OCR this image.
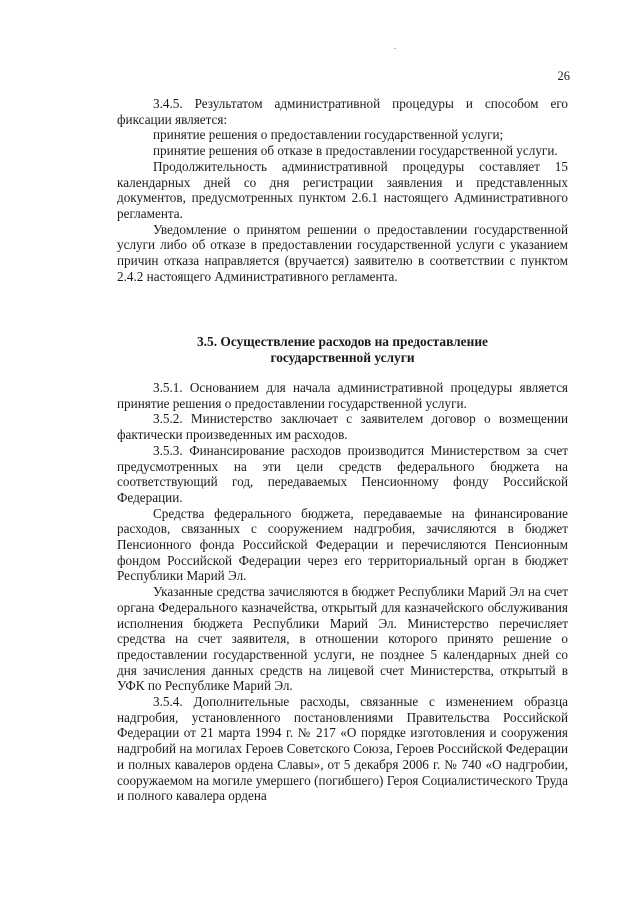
26

3.4.5. Результатом административной процедуры и способом его фиксации является:

принятие решения о предоставлении государственной услуги;

принятие решения об отказе в предоставлении государственной услуги.

Продолжительность административной процедуры составляет 15 календарных дней со дня регистрации заявления и представленных документов, предусмотренных пунктом 2.6.1 настоящего Административного регламента.

Уведомление о принятом решении о предоставлении государственной услуги либо об отказе в предоставлении государственной услуги с указанием причин отказа направляется (вручается) заявителю в соответствии с пунктом 2.4.2 настоящего Административного регламента.

3.5. Осуществление расходов на предоставление
государственной услуги

3.5.1. Основанием для начала административной процедуры является принятие решения о предоставлении государственной услуги.

3.5.2. Министерство заключает с заявителем договор о возмещении фактически произведенных им расходов.

3.5.3. Финансирование расходов производится Министерством за счет предусмотренных на эти цели средств федерального бюджета на соответствующий год, передаваемых Пенсионному фонду Российской Федерации.

Средства федерального бюджета, передаваемые на финансирование расходов, связанных с сооружением надгробия, зачисляются в бюджет Пенсионного фонда Российской Федерации и перечисляются Пенсионным фондом Российской Федерации через его территориальный орган в бюджет Республики Марий Эл.

Указанные средства зачисляются в бюджет Республики Марий Эл на счет органа Федерального казначейства, открытый для казначейского обслуживания исполнения бюджета Республики Марий Эл. Министерство перечисляет средства на счет заявителя, в отношении которого принято решение о предоставлении государственной услуги, не позднее 5 календарных дней со дня зачисления данных средств на лицевой счет Министерства, открытый в УФК по Республике Марий Эл.

3.5.4. Дополнительные расходы, связанные с изменением образца надгробия, установленного постановлениями Правительства Российской Федерации от 21 марта 1994 г. № 217 «О порядке изготовления и сооружения надгробий на могилах Героев Советского Союза, Героев Российской Федерации и полных кавалеров ордена Славы», от 5 декабря 2006 г. № 740 «О надгробии, сооружаемом на могиле умершего (погибшего) Героя Социалистического Труда и полного кавалера ордена
